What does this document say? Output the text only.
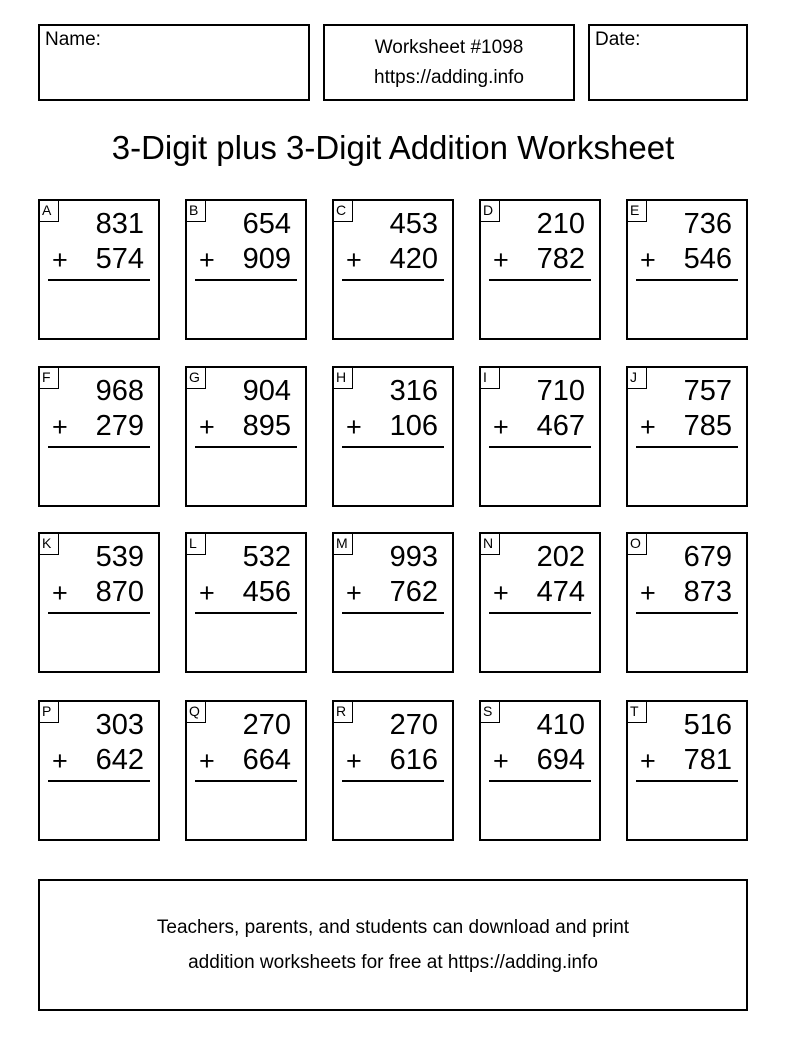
Name:	Worksheet #1098
https://adding.info
Date:
3-Digit plus 3-Digit Addition Worksheet
A 831
+ 574
B 654
+ 909
C 453
+ 420
D 210
+ 782
E 736
+ 546
F 968
+ 279
G 904
+ 895
H 316
+ 106
I	710
+ 467
J	757
+ 785
K 539
+ 870
L	532
+ 456
M 993
+ 762
N 202
+ 474
O 679
+ 873
P 303
+ 642
Q 270
+ 664
R 270
+ 616
S 410
+ 694
T 516
+ 781
Teachers, parents, and students can download and print
addition worksheets for free at https://adding.info
